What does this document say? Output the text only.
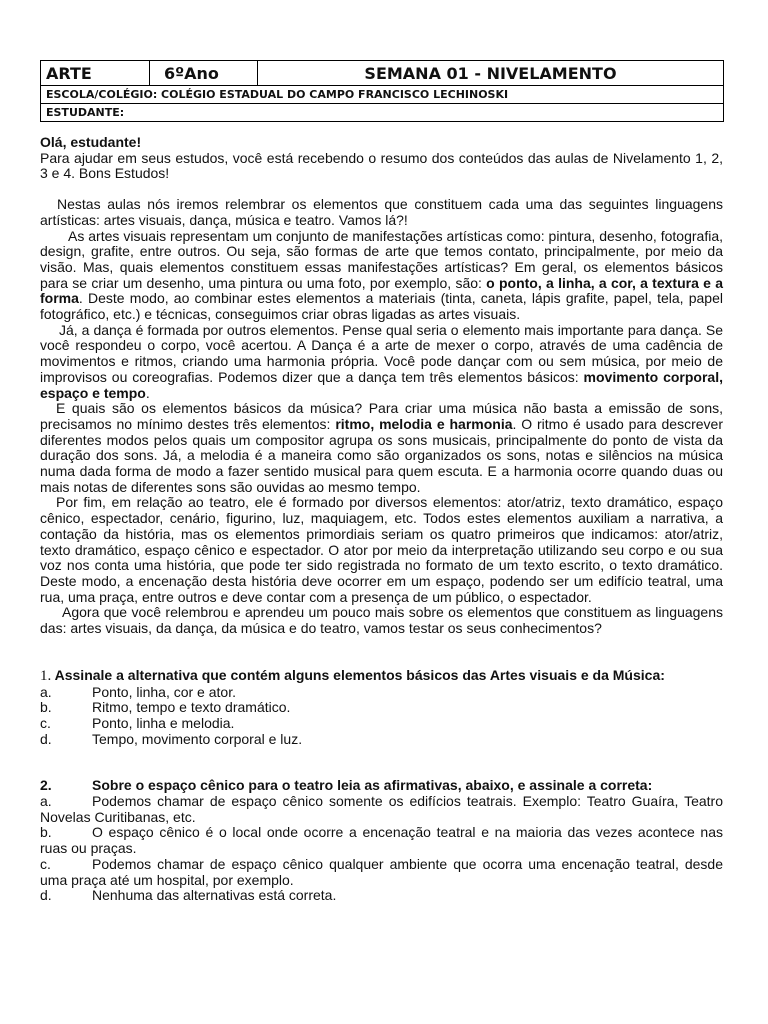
ARTE	6ºAno	SEMANA 01 - NIVELAMENTO
ESCOLA/COLÉGIO: COLÉGIO ESTADUAL DO CAMPO FRANCISCO LECHINOSKI
ESTUDANTE:

Olá, estudante!

Para ajudar em seus estudos, você está recebendo o resumo dos conteúdos das aulas de Nivelamento 1, 2, 3 e 4. Bons Estudos!

Nestas aulas nós iremos relembrar os elementos que constituem cada uma das seguintes linguagens artísticas: artes visuais, dança, música e teatro. Vamos lá?!

As artes visuais representam um conjunto de manifestações artísticas como: pintura, desenho, fotografia, design, grafite, entre outros. Ou seja, são formas de arte que temos contato, principalmente, por meio da visão. Mas, quais elementos constituem essas manifestações artísticas? Em geral, os elementos básicos para se criar um desenho, uma pintura ou uma foto, por exemplo, são: o ponto, a linha, a cor, a textura e a forma. Deste modo, ao combinar estes elementos a materiais (tinta, caneta, lápis grafite, papel, tela, papel fotográfico, etc.) e técnicas, conseguimos criar obras ligadas as artes visuais.

Já, a dança é formada por outros elementos. Pense qual seria o elemento mais importante para dança. Se você respondeu o corpo, você acertou. A Dança é a arte de mexer o corpo, através de uma cadência de movimentos e ritmos, criando uma harmonia própria. Você pode dançar com ou sem música, por meio de improvisos ou coreografias. Podemos dizer que a dança tem três elementos básicos: movimento corporal, espaço e tempo.

E quais são os elementos básicos da música? Para criar uma música não basta a emissão de sons, precisamos no mínimo destes três elementos: ritmo, melodia e harmonia. O ritmo é usado para descrever diferentes modos pelos quais um compositor agrupa os sons musicais, principalmente do ponto de vista da duração dos sons. Já, a melodia é a maneira como são organizados os sons, notas e silêncios na música numa dada forma de modo a fazer sentido musical para quem escuta. E a harmonia ocorre quando duas ou mais notas de diferentes sons são ouvidas ao mesmo tempo.

Por fim, em relação ao teatro, ele é formado por diversos elementos: ator/atriz, texto dramático, espaço cênico, espectador, cenário, figurino, luz, maquiagem, etc. Todos estes elementos auxiliam a narrativa, a contação da história, mas os elementos primordiais seriam os quatro primeiros que indicamos: ator/atriz, texto dramático, espaço cênico e espectador. O ator por meio da interpretação utilizando seu corpo e ou sua voz nos conta uma história, que pode ter sido registrada no formato de um texto escrito, o texto dramático. Deste modo, a encenação desta história deve ocorrer em um espaço, podendo ser um edifício teatral, uma rua, uma praça, entre outros e deve contar com a presença de um público, o espectador.

Agora que você relembrou e aprendeu um pouco mais sobre os elementos que constituem as linguagens das: artes visuais, da dança, da música e do teatro, vamos testar os seus conhecimentos?

1. Assinale a alternativa que contém alguns elementos básicos das Artes visuais e da Música:

a.	Ponto, linha, cor e ator.

b.	Ritmo, tempo e texto dramático.

c.	Ponto, linha e melodia.

d.	Tempo, movimento corporal e luz.

2.	Sobre o espaço cênico para o teatro leia as afirmativas, abaixo, e assinale a correta:

a.	Podemos chamar de espaço cênico somente os edifícios teatrais. Exemplo: Teatro Guaíra, Teatro Novelas Curitibanas, etc.

b.	O espaço cênico é o local onde ocorre a encenação teatral e na maioria das vezes acontece nas ruas ou praças.

c.	Podemos chamar de espaço cênico qualquer ambiente que ocorra uma encenação teatral, desde uma praça até um hospital, por exemplo.

d.	Nenhuma das alternativas está correta.
